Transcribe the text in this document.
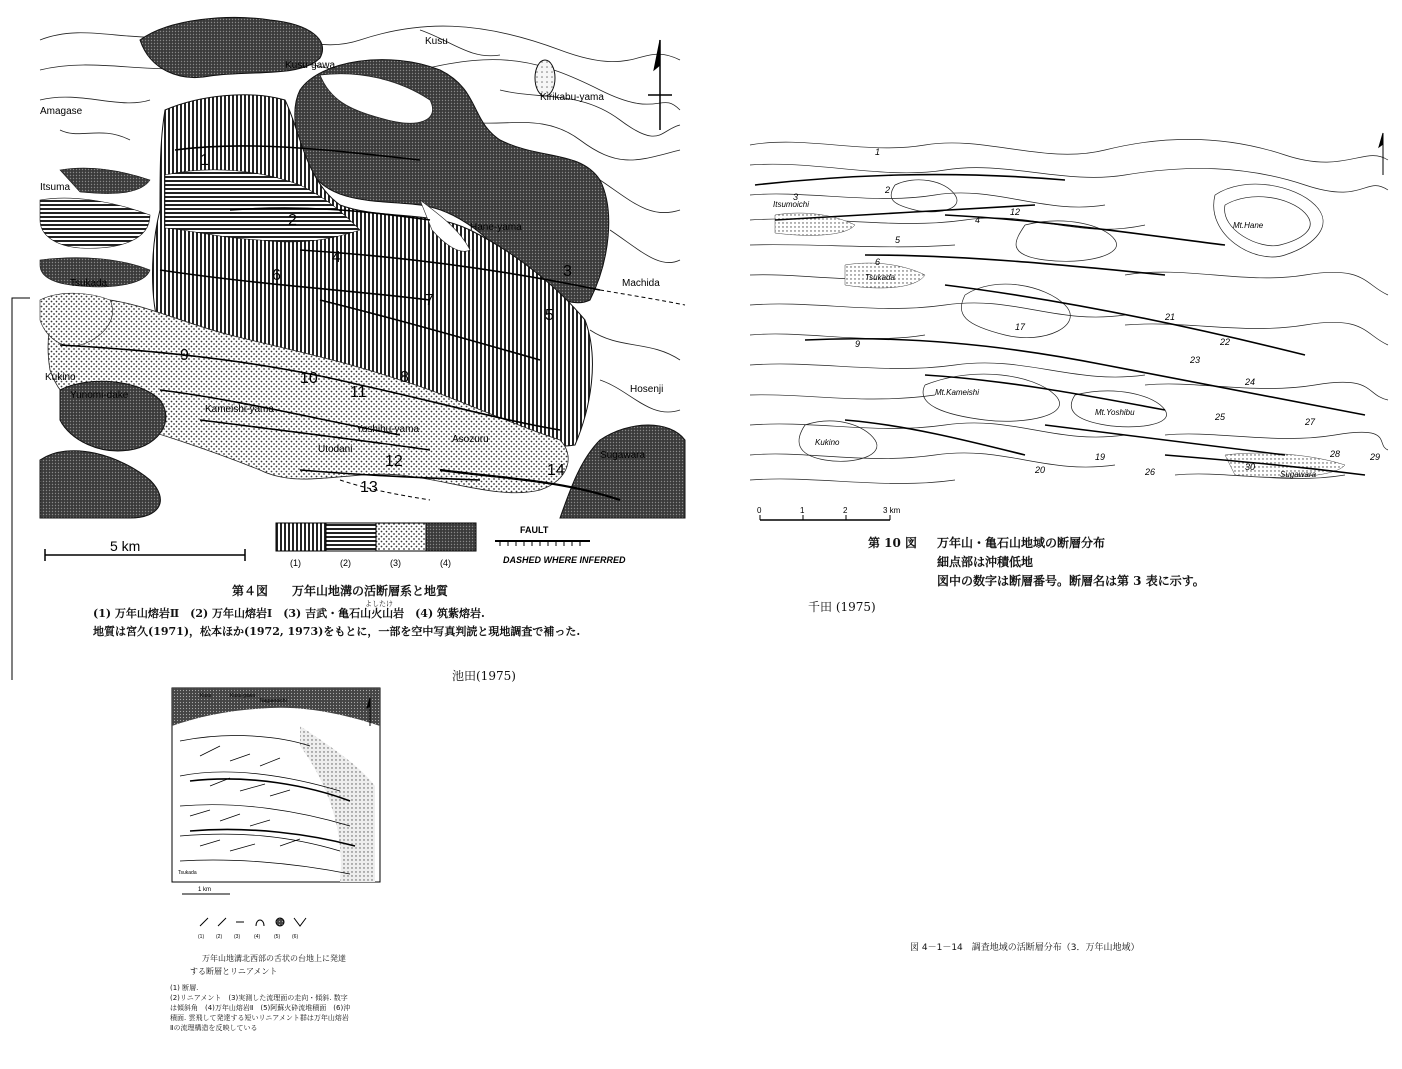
Kusu-gawa
Kusu
Kirikabu-yama
Amagase
Itsuma
Hane-yama
Tsukada	Machida
Kukino
Yunomi-dake
Kameishi-yama
Yoshibu-yama
Utodani
Asozuru
Hosenji
Sugawara
1
2
3
4
5
6
7
8
9
10
11
12
13
14
5 km
(1)	(2)	(3)	(4)
FAULT
DASHED WHERE INFERRED
第４図　　万年山地溝の活断層系と地質
よしたけ
(1) 万年山熔岩Ⅱ　(2) 万年山熔岩Ⅰ　(3) 吉武・亀石山火山岩　(4) 筑紫熔岩.
地質は宮久(1971)，松本ほか(1972, 1973)をもとに，一部を空中写真判読と現地調査で補った.
池田(1975)
Kusu	Kusu-gawa
Nagaeroichi
Tsukada
1 km
(1) (2) (3)	(4)	(5) (6)
万年山地溝北西部の舌状の台地上に発達
する断層とリニアメント
(1) 断層.
(2)リニアメント　(3)実測した流理面の走向・傾斜. 数字
は傾斜角　(4)万年山熔岩Ⅱ　(5)阿蘇火砕流堆積面　(6)沖
積面. 雲飛して発達する短いリニアメント群は万年山熔岩
Ⅱの流理構造を反映している
Itsumoichi
Mt.Hane
Tsukada
Mt.Kameishi
Mt.Yoshibu
Sugawara
Kukino
1
2
3
4
5
6
9
12
17
19
20
21
22
23
24
25
26
27
28	29
30
0	1	2	3 km
第 10 図 万年山・亀石山地域の断層分布
細点部は沖積低地
図中の数字は断層番号。断層名は第 3 表に示す。
千田 (1975)
図 4－1－14　調査地域の活断層分布（3．万年山地域）
